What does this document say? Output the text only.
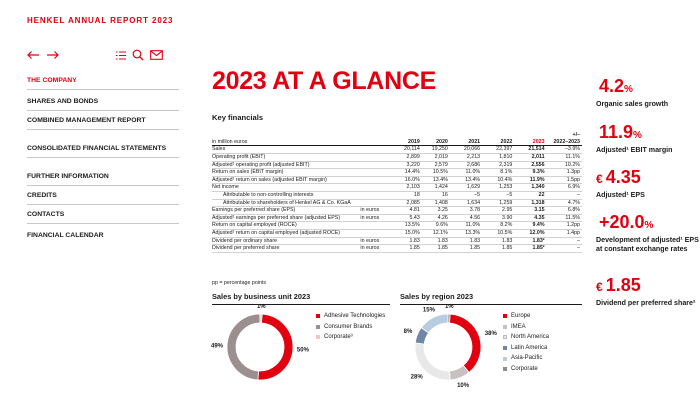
HENKEL ANNUAL REPORT 2023
THE COMPANY
SHARES AND BONDS
COMBINED MANAGEMENT REPORT
CONSOLIDATED FINANCIAL STATEMENTS
FURTHER INFORMATION
CREDITS
CONTACTS
FINANCIAL CALENDAR
2023 AT A GLANCE
Key financials
							+/–
in million euros		2019	2020	2021	2022	2023	2022–2023
Sales		20,114	19,250	20,066	22,397	21,514	–3.9%
Operating profit (EBIT)		2,899	2,019	2,213	1,810	2,011	11.1%
Adjusted¹ operating profit (adjusted EBIT)		3,220	2,579	2,686	2,319	2,556	10.2%
Return on sales (EBIT margin)		14.4%	10.5%	11.0%	8.1%	9.3%	1.3pp
Adjusted¹ return on sales (adjusted EBIT margin)		16.0%	13.4%	13.4%	10.4%	11.9%	1.5pp
Net income		2,103	1,424	1,629	1,253	1,340	6.9%
Attributable to non-controlling interests		18	16	–5	–5	22	–
Attributable to shareholders of Henkel AG & Co. KGaA		2,085	1,408	1,634	1,259	1,318	4.7%
Earnings per preferred share (EPS)	in euros	4.81	3.25	3.78	2.95	3.15	6.8%
Adjusted¹ earnings per preferred share (adjusted EPS)	in euros	5.43	4.26	4.56	3.90	4.35	11.5%
Return on capital employed (ROCE)		13.5%	9.6%	11.0%	8.2%	9.4%	1.2pp
Adjusted¹ return on capital employed (adjusted ROCE)		15.0%	12.1%	13.3%	10.5%	12.0%	1.4pp
Dividend per ordinary share	in euros	1.83	1.83	1.83	1.83	1.83²	–
Dividend per preferred share	in euros	1.85	1.85	1.85	1.85	1.85²	–
pp = percentage points
Sales by business unit 2023
50%
49%
1%
Adhesive Technologies
Consumer Brands
Corporate³
Sales by region 2023
38%
10%
28%
8%
15%
1%
Europe
IMEA
North America
Latin America
Asia-Pacific
Corporate
4.2%
Organic sales growth
11.9%
Adjusted¹ EBIT margin
€ 4.35
Adjusted¹ EPS
+20.0%
Development of adjusted¹ EPS at constant exchange rates
€ 1.85
Dividend per preferred share²
